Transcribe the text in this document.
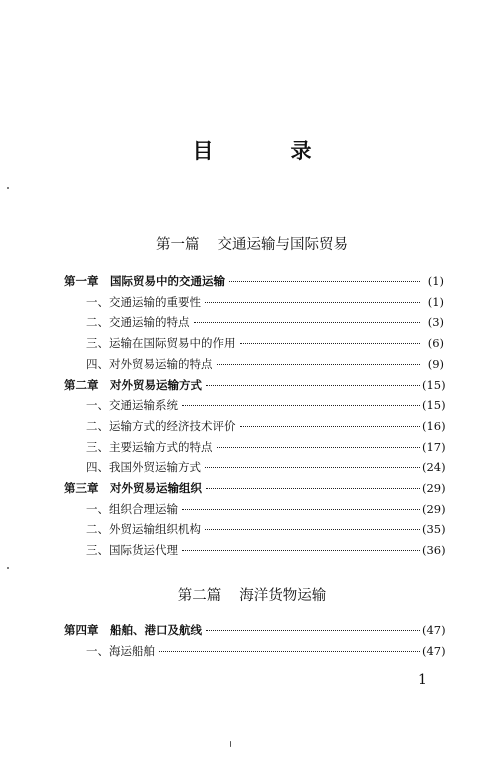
目　录
第一篇 交通运输与国际贸易
第一章　国际贸易中的交通运输	(1)
一、交通运输的重要性	(1)
二、交通运输的特点	(3)
三、运输在国际贸易中的作用	(6)
四、对外贸易运输的特点	(9)
第二章　对外贸易运输方式	(15)
一、交通运输系统	(15)
二、运输方式的经济技术评价	(16)
三、主要运输方式的特点	(17)
四、我国外贸运输方式	(24)
第三章　对外贸易运输组织	(29)
一、组织合理运输	(29)
二、外贸运输组织机构	(35)
三、国际货运代理	(36)
第二篇 海洋货物运输
第四章　船舶、港口及航线	(47)
一、海运船舶	(47)
1
